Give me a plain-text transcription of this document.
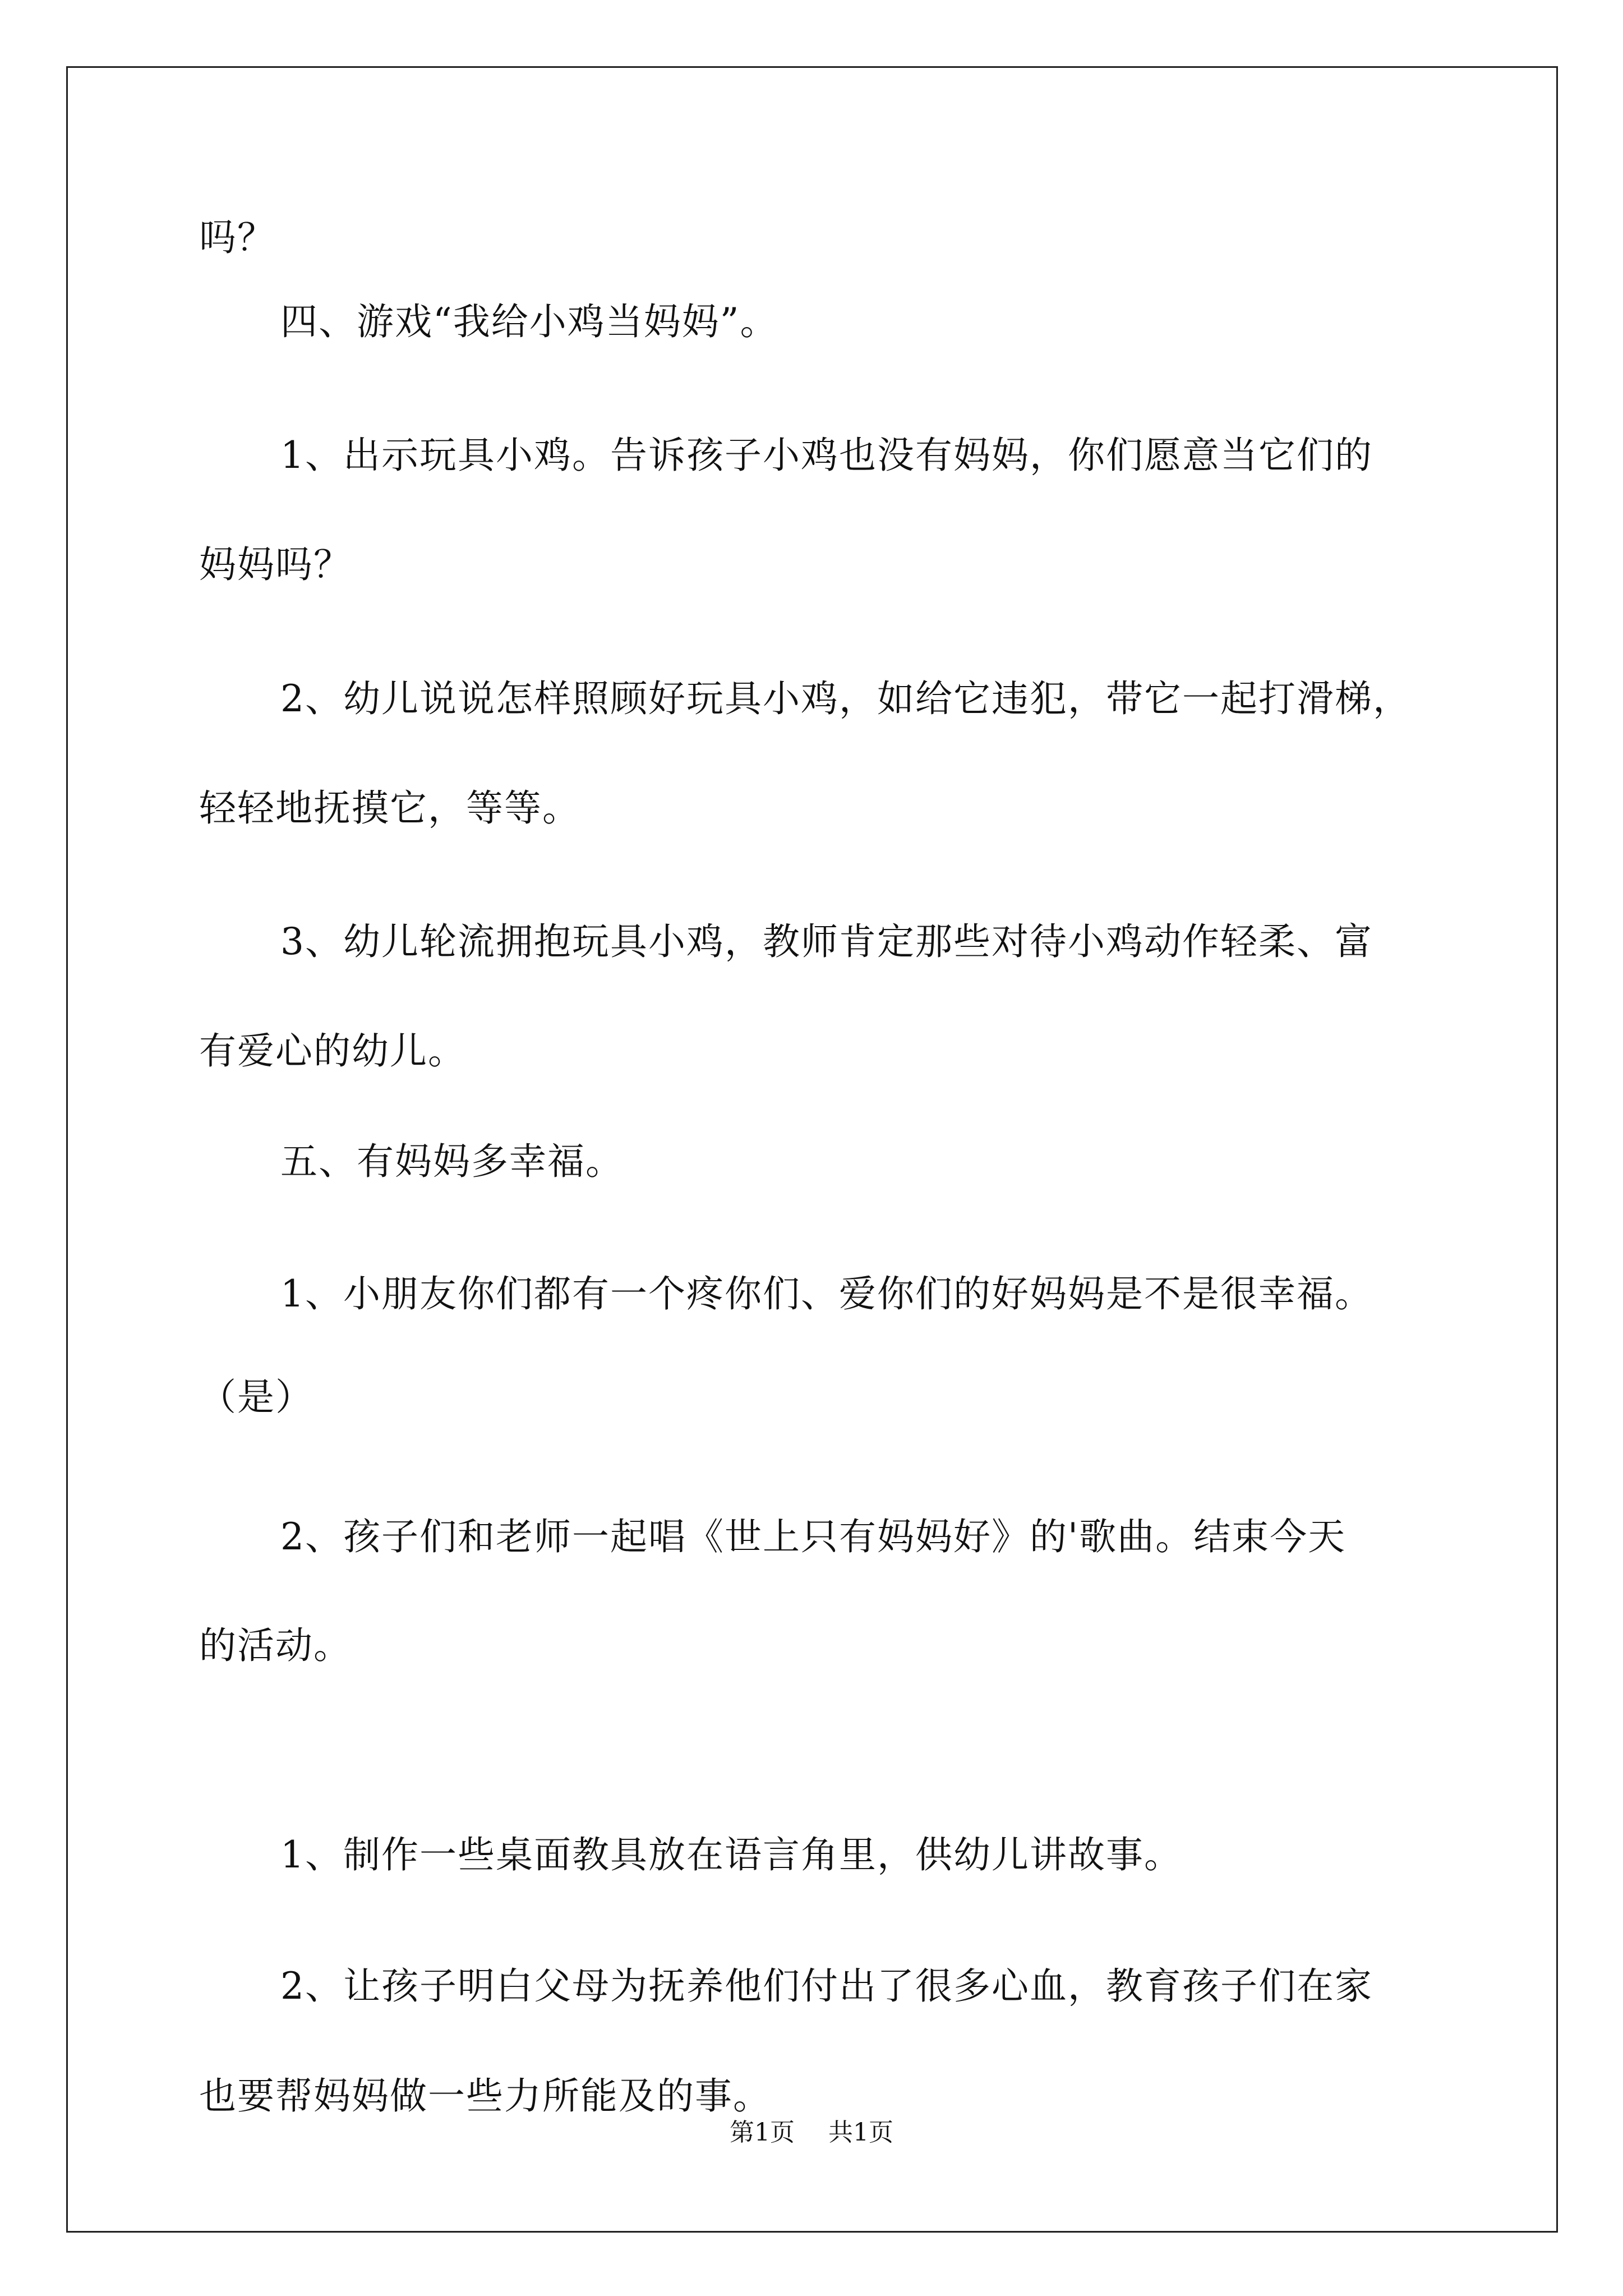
吗？
四、游戏“我给小鸡当妈妈”。
1、出示玩具小鸡。告诉孩子小鸡也没有妈妈，你们愿意当它们的
妈妈吗？
2、幼儿说说怎样照顾好玩具小鸡，如给它违犯，带它一起打滑梯，
轻轻地抚摸它，等等。
3、幼儿轮流拥抱玩具小鸡，教师肯定那些对待小鸡动作轻柔、富
有爱心的幼儿。
五、有妈妈多幸福。
1、小朋友你们都有一个疼你们、爱你们的好妈妈是不是很幸福。
（是）
2、孩子们和老师一起唱《世上只有妈妈好》的'歌曲。结束今天
的活动。
1、制作一些桌面教具放在语言角里，供幼儿讲故事。
2、让孩子明白父母为抚养他们付出了很多心血，教育孩子们在家
也要帮妈妈做一些力所能及的事。
第1页 共1页
